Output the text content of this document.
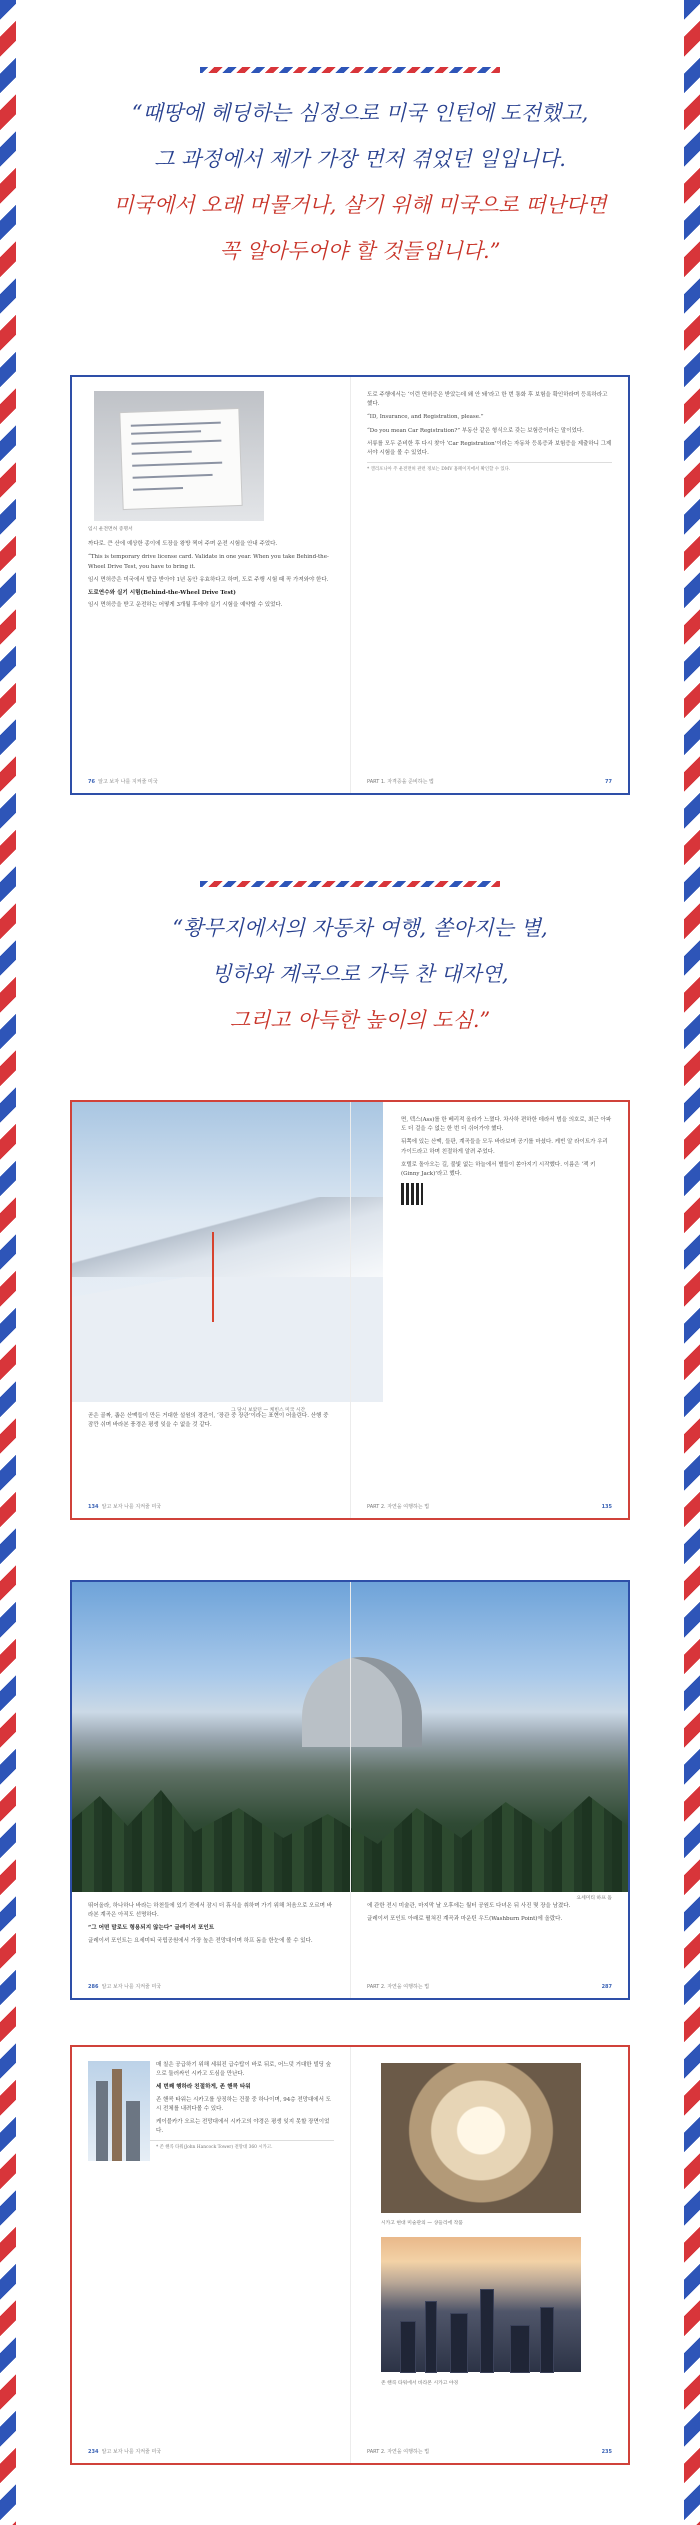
“때땅에 헤딩하는 심정으로 미국 인턴에 도전했고,
그 과정에서 제가 가장 먼저 겪었던 일입니다.
미국에서 오래 머물거나, 살기 위해 미국으로 떠난다면
꼭 알아두어야 할 것들입니다.”
임시 운전면허 증명서

까다로. 큰 산에 예상한 종이에 도장을 왕방 찍어 주며 운전 시험을 안내 주었다.

“This is temporary drive license card. Validate in one year. When you take Behind-the-Wheel Drive Test, you have to bring it.

임시 면허증은 미국에서 발급 받아야 1년 동안 유효하다고 하며, 도로 주행 시험 때 꼭 가져와야 한다.

도로연수와 실기 시험(Behind-the-Wheel Drive Test)

임시 면허증을 받고 운전하는 어떻게 3개월 후에야 실기 시험을 예약할 수 있었다.

76 알고 보자 나를 지켜줄 미국

도로 주행에서는 ‘이런 면허증은 받았는데 왜 안 돼’라고 한 번 통화 후 보험을 확인하라며 등록하라고 했다.

“ID, Insurance, and Registration, please.”

“Do you mean Car Registration?” 부동산 같은 형식으로 갖는 보험증이라는 말이었다.

서류를 모두 준비한 후 다시 찾아 ‘Car Registration’이라는 자동차 등록증과 보험증을 제출하니 그제서야 시험을 볼 수 있었다.

* 캘리포니아 주 운전면허 관련 정보는 DMV 홈페이지에서 확인할 수 있다.
PART 1. 자격증을 준비하는 법	77
“황무지에서의 자동차 여행, 쏟아지는 별,
빙하와 계곡으로 가득 찬 대자연,
그리고 아득한 높이의 도심.”

곧은 골짜, 좁은 산맥들이 만든 거대한 설원의 경관이, ‘장관 중 장관’이라는 표현이 어울린다. 산행 중 잠깐 쉬며 바라본 풍경은 평생 잊을 수 없을 것 같다.

134 알고 보자 나를 지켜줄 미국
그 당시 보았던 — 케빈스 미국 시간

면, 텍스(Ass)를 한 베리적 올라가 느꼈다. 차사하 편하한 데라서 범을 의호로, 최근 아파도 더 걸을 수 없는 한 번 더 쉬어가야 했다.

뒤쪽에 있는 산맥, 들판, 계곡들을 모두 바라보며 공기를 마셨다. 케빈 알 라이트가 우리 가이드라고 하며 친절하게 알려 주었다.

호텔로 돌아오는 길, 불빛 없는 하늘에서 별들이 쏟아지기 시작했다. 이름은 ‘잭 키(Ginny Jack)’라고 했다.

PART 2. 자연을 여행하는 법	135

뛰어올라, 하나하나 바라는 하천들에 있기 전에서 잠시 더 휴식을 취하며 가기 위해 처음으로 오르며 바라본 계곡은 아직도 선명하다.

“그 어떤 말로도 형용되지 않는다” 글레이셔 포인트

글레이셔 포인트는 요세미티 국립공원에서 가장 높은 전망대이며 하프 돔을 한눈에 볼 수 있다.

286 알고 보자 나를 지켜줄 미국
요세미티 하프 돔

에 관한 전시 미술관, 마지막 날 오후에는 월터 공원도 다녀온 뒤 사진 몇 장을 남겼다.

글레이셔 포인트 아래로 펼쳐진 계곡과 마운틴 우드(Washburn Point)에 올랐다.

PART 2. 자연을 여행하는 법	287

매 칠은 공급하기 위해 세워진 급수탑이 바로 뒤로, 어느덧 거대한 빌딩 숲으로 둘러싸인 시카고 도심을 만난다.

세 번째 행하라 친절하게, 존 핸콕 타워

존 핸콕 타워는 시카고를 상징하는 건물 중 하나이며, 94층 전망대에서 도시 전체를 내려다볼 수 있다.

케이블카가 오르는 전망대에서 시카고의 야경은 평생 잊지 못할 장면이었다.

* 존 핸콕 타워(John Hancock Tower) 전망대 360 시카고.
234 알고 보자 나를 지켜줄 미국
시카고 현대 미술관의 — 샹들리에 작품
존 핸콕 타워에서 바라본 시카고 야경
PART 2. 자연을 여행하는 법	235
